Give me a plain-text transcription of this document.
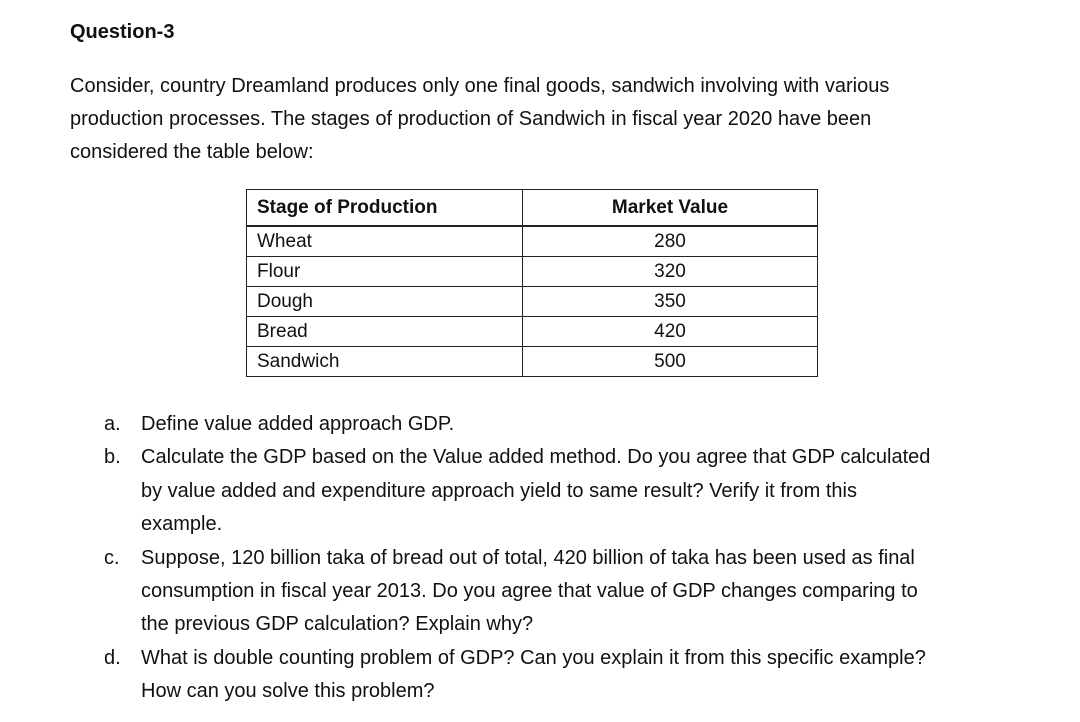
Question-3
Consider, country Dreamland produces only one final goods, sandwich involving with various
production processes. The stages of production of Sandwich in fiscal year 2020 have been
considered the table below:
Stage of Production	Market Value
Wheat	280
Flour	320
Dough	350
Bread	420
Sandwich	500
a. Define value added approach GDP.
b. Calculate the GDP based on the Value added method. Do you agree that GDP calculated
by value added and expenditure approach yield to same result? Verify it from this
example.
c. Suppose, 120 billion taka of bread out of total, 420 billion of taka has been used as final
consumption in fiscal year 2013. Do you agree that value of GDP changes comparing to
the previous GDP calculation? Explain why?
d. What is double counting problem of GDP? Can you explain it from this specific example?
How can you solve this problem?
